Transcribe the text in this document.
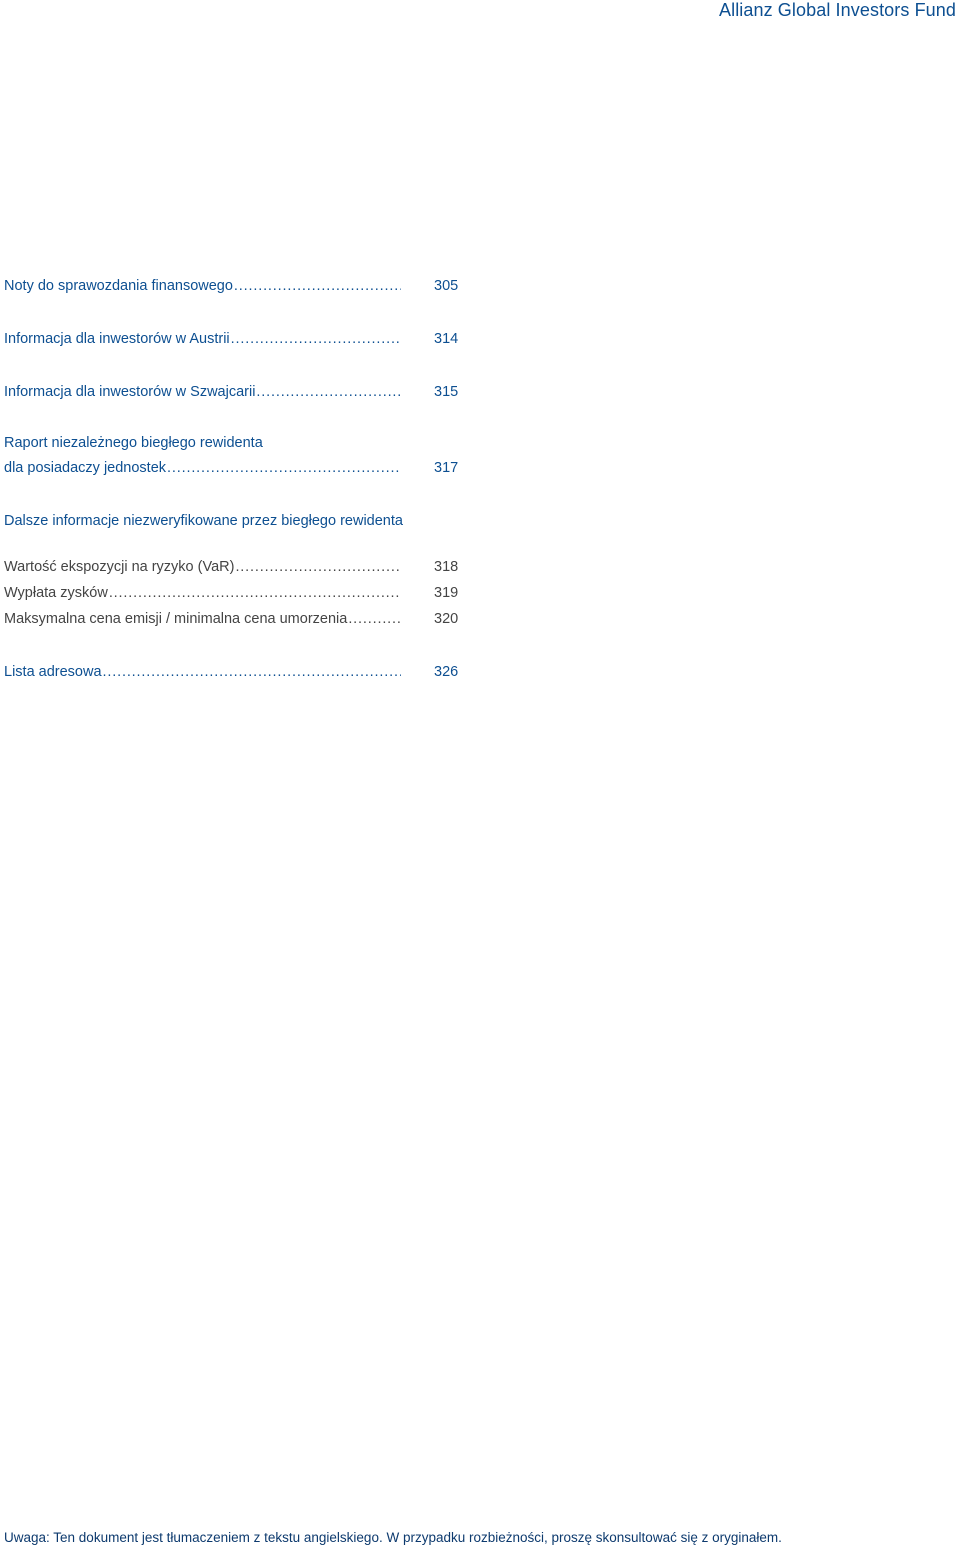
Allianz Global Investors Fund
Noty do sprawozdania finansowego . . .	305
Informacja dla inwestorów w Austrii . . .	314
Informacja dla inwestorów w Szwajcarii . . .	315
Raport niezależnego biegłego rewidenta
dla posiadaczy jednostek . . .	317
Dalsze informacje niezweryfikowane przez biegłego rewidenta
Wartość ekspozycji na ryzyko (VaR) . . .	318
Wypłata zysków . . .	319
Maksymalna cena emisji / minimalna cena umorzenia . . .	320
Lista adresowa . . .	326
Uwaga: Ten dokument jest tłumaczeniem z tekstu angielskiego. W przypadku rozbieżności, proszę skonsultować się z oryginałem.
